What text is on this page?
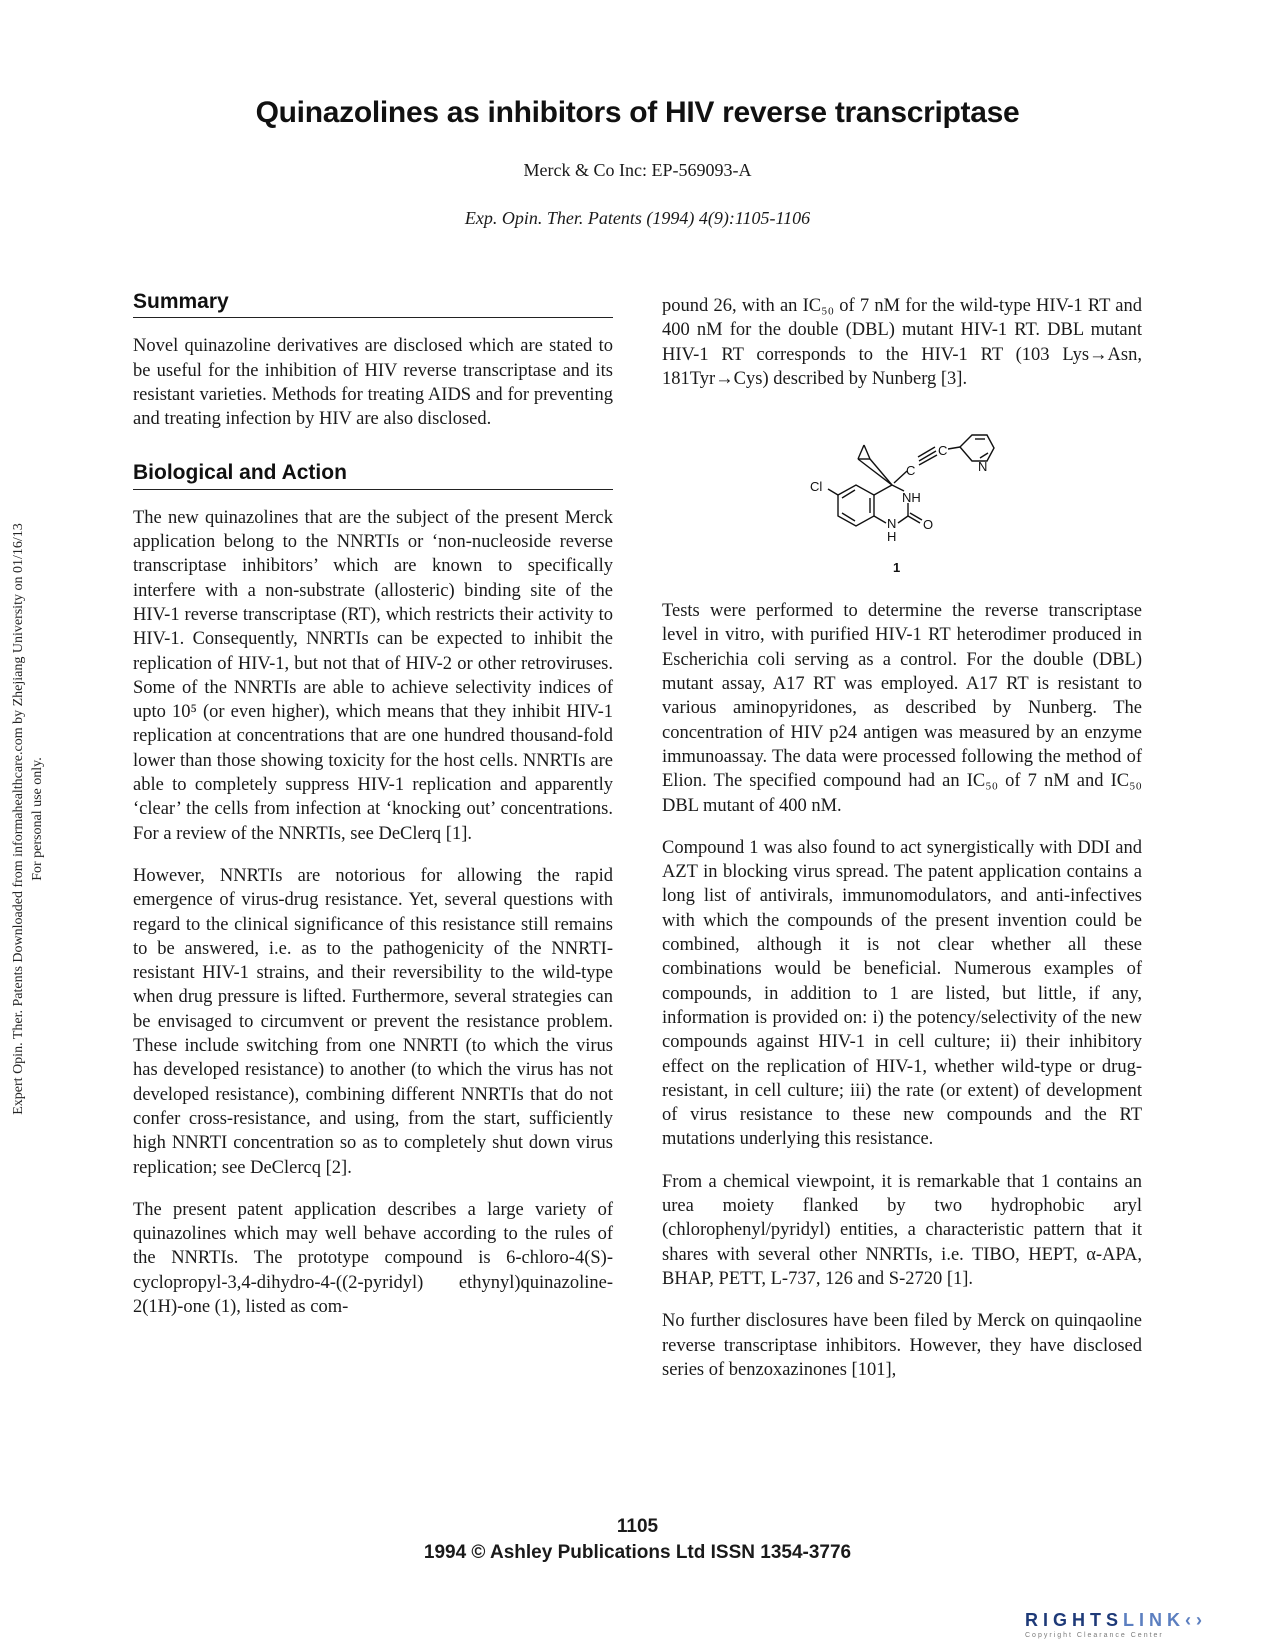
Expert Opin. Ther. Patents Downloaded from informahealthcare.com by Zhejiang University on 01/16/13 For personal use only.
Quinazolines as inhibitors of HIV reverse transcriptase
Merck & Co Inc: EP-569093-A
Exp. Opin. Ther. Patents (1994) 4(9):1105-1106
Summary

Novel quinazoline derivatives are disclosed which are stated to be useful for the inhibition of HIV reverse transcriptase and its resistant varieties. Methods for treating AIDS and for preventing and treating infection by HIV are also disclosed.

Biological and Action

The new quinazolines that are the subject of the present Merck application belong to the NNRTIs or ‘non-nucleoside reverse transcriptase inhibitors’ which are known to specifically interfere with a non-substrate (allosteric) binding site of the HIV-1 reverse transcriptase (RT), which restricts their activity to HIV-1. Consequently, NNRTIs can be expected to inhibit the replication of HIV-1, but not that of HIV-2 or other retroviruses. Some of the NNRTIs are able to achieve selectivity indices of upto 10⁵ (or even higher), which means that they inhibit HIV-1 replication at concentrations that are one hundred thousand-fold lower than those showing toxicity for the host cells. NNRTIs are able to completely suppress HIV-1 replication and apparently ‘clear’ the cells from infection at ‘knocking out’ concentrations. For a review of the NNRTIs, see DeClerq [1].

However, NNRTIs are notorious for allowing the rapid emergence of virus-drug resistance. Yet, several questions with regard to the clinical significance of this resistance still remains to be answered, i.e. as to the pathogenicity of the NNRTI-resistant HIV-1 strains, and their reversibility to the wild-type when drug pressure is lifted. Furthermore, several strategies can be envisaged to circumvent or prevent the resistance problem. These include switching from one NNRTI (to which the virus has developed resistance) to another (to which the virus has not developed resistance), combining different NNRTIs that do not confer cross-resistance, and using, from the start, sufficiently high NNRTI concentration so as to completely shut down virus replication; see DeClercq [2].

The present patent application describes a large variety of quinazolines which may well behave according to the rules of the NNRTIs. The prototype compound is 6-chloro-4(S)-cyclopropyl-3,4-dihydro-4-((2-pyridyl) ethynyl)quinazoline-2(1H)-one (1), listed as com-

pound 26, with an IC₅₀ of 7 nM for the wild-type HIV-1 RT and 400 nM for the double (DBL) mutant HIV-1 RT. DBL mutant HIV-1 RT corresponds to the HIV-1 RT (103 Lys→Asn, 181Tyr→Cys) described by Nunberg [3].

Cl
C
C
N
NH
N
H
O
1

Tests were performed to determine the reverse transcriptase level in vitro, with purified HIV-1 RT heterodimer produced in Escherichia coli serving as a control. For the double (DBL) mutant assay, A17 RT was employed. A17 RT is resistant to various aminopyridones, as described by Nunberg. The concentration of HIV p24 antigen was measured by an enzyme immunoassay. The data were processed following the method of Elion. The specified compound had an IC₅₀ of 7 nM and IC₅₀ DBL mutant of 400 nM.

Compound 1 was also found to act synergistically with DDI and AZT in blocking virus spread. The patent application contains a long list of antivirals, immunomodulators, and anti-infectives with which the compounds of the present invention could be combined, although it is not clear whether all these combinations would be beneficial. Numerous examples of compounds, in addition to 1 are listed, but little, if any, information is provided on: i) the potency/selectivity of the new compounds against HIV-1 in cell culture; ii) their inhibitory effect on the replication of HIV-1, whether wild-type or drug-resistant, in cell culture; iii) the rate (or extent) of development of virus resistance to these new compounds and the RT mutations underlying this resistance.

From a chemical viewpoint, it is remarkable that 1 contains an urea moiety flanked by two hydrophobic aryl (chlorophenyl/pyridyl) entities, a characteristic pattern that it shares with several other NNRTIs, i.e. TIBO, HEPT, α-APA, BHAP, PETT, L-737, 126 and S-2720 [1].

No further disclosures have been filed by Merck on quinqaoline reverse transcriptase inhibitors. However, they have disclosed series of benzoxazinones [101],

1105
1994 © Ashley Publications Ltd ISSN 1354-3776
RIGHTSLINK‹›
Copyright Clearance Center
